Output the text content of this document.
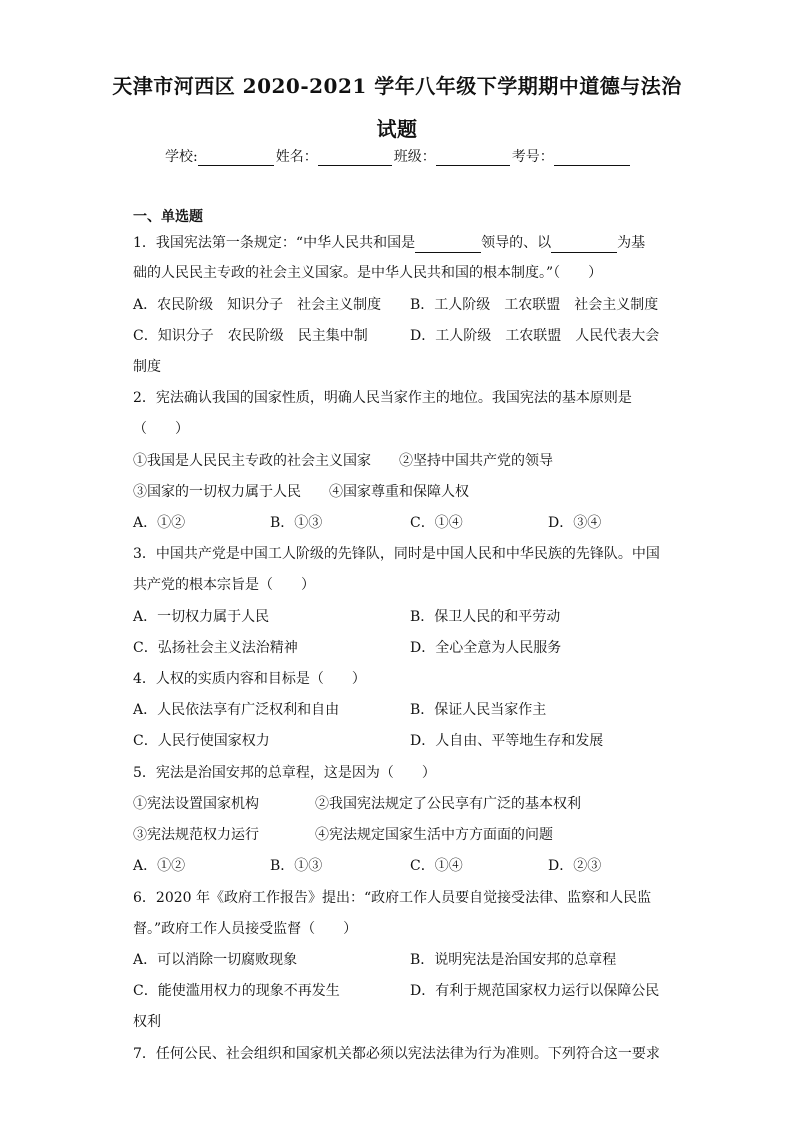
天津市河西区 2020-2021 学年八年级下学期期中道德与法治
试题
学校:	姓名：	班级：	考号：
一、单选题
1．我国宪法第一条规定：“中华人民共和国是	领导的、以	为基
础的人民民主专政的社会主义国家。是中华人民共和国的根本制度。”（　　）
A．农民阶级　知识分子　社会主义制度 B．工人阶级　工农联盟　社会主义制度
C．知识分子　农民阶级　民主集中制	D．工人阶级　工农联盟　人民代表大会
制度
2．宪法确认我国的国家性质，明确人民当家作主的地位。我国宪法的基本原则是
（　　）
①我国是人民民主专政的社会主义国家　　②坚持中国共产党的领导
③国家的一切权力属于人民　　④国家尊重和保障人权
A．①②	B．①③	C．①④	D．③④
3．中国共产党是中国工人阶级的先锋队，同时是中国人民和中华民族的先锋队。中国
共产党的根本宗旨是（　　）
A．一切权力属于人民	B．保卫人民的和平劳动
C．弘扬社会主义法治精神	D．全心全意为人民服务
4．人权的实质内容和目标是（　　）
A．人民依法享有广泛权利和自由	B．保证人民当家作主
C．人民行使国家权力	D．人自由、平等地生存和发展
5．宪法是治国安邦的总章程，这是因为（　　）
①宪法设置国家机构　　　　②我国宪法规定了公民享有广泛的基本权利
③宪法规范权力运行　　　　④宪法规定国家生活中方方面面的问题
A．①②	B．①③	C．①④	D．②③
6．2020 年《政府工作报告》提出：“政府工作人员要自觉接受法律、监察和人民监
督。”政府工作人员接受监督（　　）
A．可以消除一切腐败现象	B．说明宪法是治国安邦的总章程
C．能使滥用权力的现象不再发生	D．有利于规范国家权力运行以保障公民
权利
7．任何公民、社会组织和国家机关都必须以宪法法律为行为准则。下列符合这一要求
